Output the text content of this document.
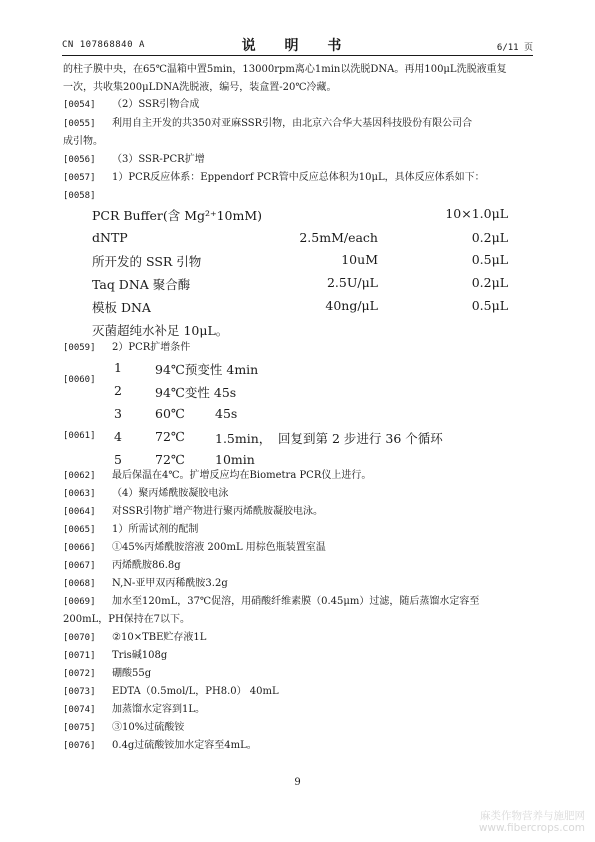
CN 107868840 A	说 明 书	6/11 页
的柱子膜中央，在65℃温箱中置5min，13000rpm离心1min以洗脱DNA。再用100μL洗脱液重复
一次，共收集200μLDNA洗脱液，编号，装盒置-20℃冷藏。
[0054] （2）SSR引物合成
[0055] 利用自主开发的共350对亚麻SSR引物，由北京六合华大基因科技股份有限公司合
成引物。
[0056] （3）SSR-PCR扩增
[0057] 1）PCR反应体系：Eppendorf PCR管中反应总体积为10μL，具体反应体系如下：
[0058]
PCR Buffer(含 Mg²⁺10mM)	10×1.0μL
dNTP	2.5mM/each	0.2μL
所开发的 SSR 引物	10uM	0.5μL
Taq DNA 聚合酶	2.5U/μL	0.2μL
模板 DNA	40ng/μL	0.5μL
灭菌超纯水补足 10μL。
[0059] 2）PCR扩增条件
[0060]
[0061]
1	94℃预变性 4min
2	94℃变性 45s
3	60℃ 45s
4	72℃ 1.5min， 回复到第 2 步进行 36 个循环
5	72℃ 10min
[0062] 最后保温在4℃。扩增反应均在Biometra PCR仪上进行。
[0063] （4）聚丙烯酰胺凝胶电泳
[0064] 对SSR引物扩增产物进行聚丙烯酰胺凝胶电泳。
[0065] 1）所需试剂的配制
[0066] ①45%丙烯酰胺溶液 200mL 用棕色瓶装置室温
[0067] 丙烯酰胺86.8g
[0068] N,N-亚甲双丙稀酰胺3.2g
[0069] 加水至120mL，37℃促溶，用硝酸纤维素膜（0.45μm）过滤，随后蒸馏水定容至
200mL，PH保持在7以下。
[0070] ②10×TBE贮存液1L
[0071] Tris碱108g
[0072] 硼酸55g
[0073] EDTA（0.5mol/L，PH8.0） 40mL
[0074] 加蒸馏水定容到1L。
[0075] ③10%过硫酸铵
[0076] 0.4g过硫酸铵加水定容至4mL。
9
麻类作物营养与施肥网
www.fibercrops.com
